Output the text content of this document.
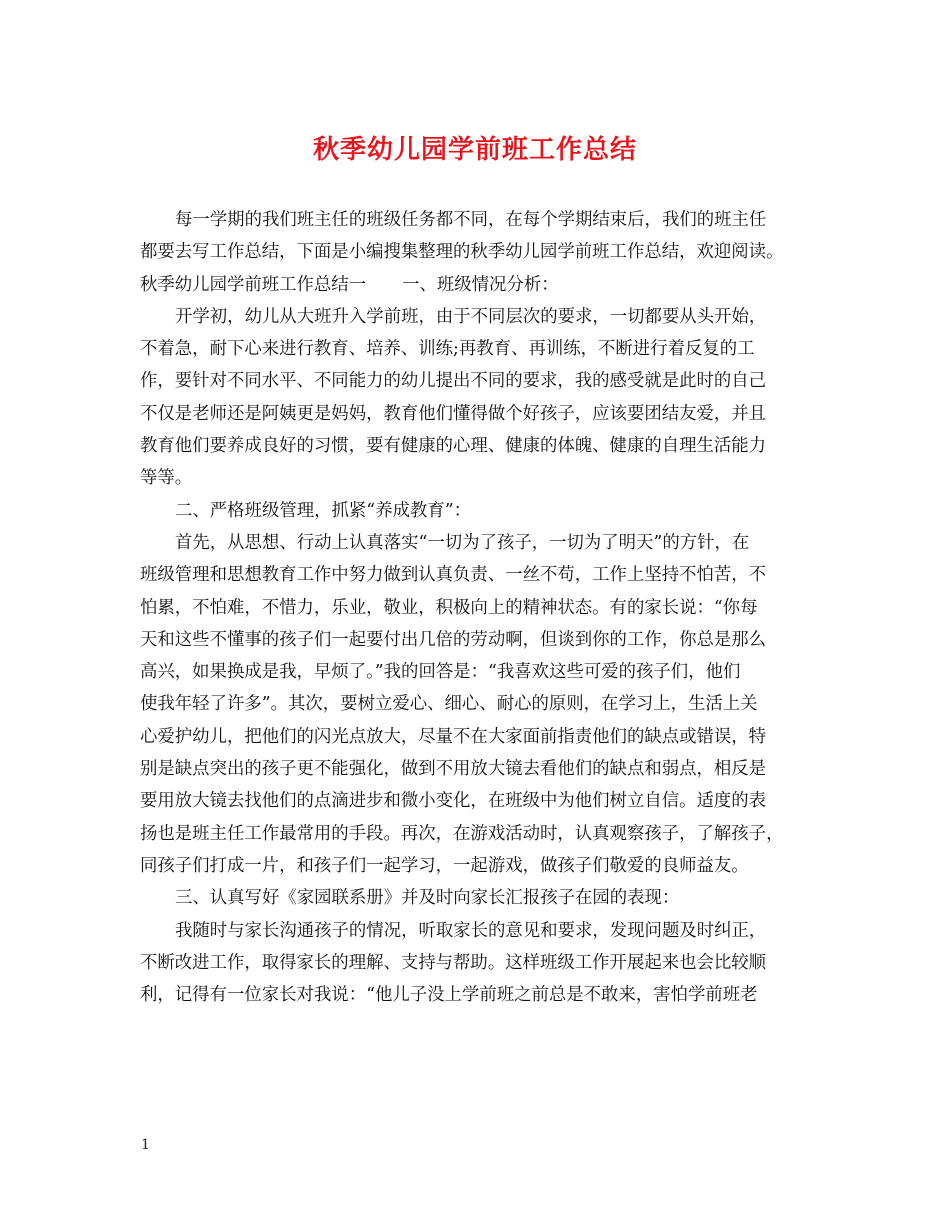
秋季幼儿园学前班工作总结
每一学期的我们班主任的班级任务都不同，在每个学期结束后，我们的班主任
都要去写工作总结，下面是小编搜集整理的秋季幼儿园学前班工作总结，欢迎阅读。
秋季幼儿园学前班工作总结一 一、班级情况分析：
开学初，幼儿从大班升入学前班，由于不同层次的要求，一切都要从头开始，
不着急，耐下心来进行教育、培养、训练;再教育、再训练，不断进行着反复的工
作，要针对不同水平、不同能力的幼儿提出不同的要求，我的感受就是此时的自己
不仅是老师还是阿姨更是妈妈，教育他们懂得做个好孩子，应该要团结友爱，并且
教育他们要养成良好的习惯，要有健康的心理、健康的体魄、健康的自理生活能力
等等。
二、严格班级管理，抓紧“养成教育”：
首先，从思想、行动上认真落实“一切为了孩子，一切为了明天”的方针，在
班级管理和思想教育工作中努力做到认真负责、一丝不苟，工作上坚持不怕苦，不
怕累，不怕难，不惜力，乐业，敬业，积极向上的精神状态。有的家长说：“你每
天和这些不懂事的孩子们一起要付出几倍的劳动啊，但谈到你的工作，你总是那么
高兴，如果换成是我，早烦了。”我的回答是：“我喜欢这些可爱的孩子们，他们
使我年轻了许多”。其次，要树立爱心、细心、耐心的原则，在学习上，生活上关
心爱护幼儿，把他们的闪光点放大，尽量不在大家面前指责他们的缺点或错误，特
别是缺点突出的孩子更不能强化，做到不用放大镜去看他们的缺点和弱点，相反是
要用放大镜去找他们的点滴进步和微小变化，在班级中为他们树立自信。适度的表
扬也是班主任工作最常用的手段。再次，在游戏活动时，认真观察孩子，了解孩子，
同孩子们打成一片，和孩子们一起学习，一起游戏，做孩子们敬爱的良师益友。
三、认真写好《家园联系册》并及时向家长汇报孩子在园的表现：
我随时与家长沟通孩子的情况，听取家长的意见和要求，发现问题及时纠正，
不断改进工作，取得家长的理解、支持与帮助。这样班级工作开展起来也会比较顺
利，记得有一位家长对我说：“他儿子没上学前班之前总是不敢来，害怕学前班老
1
